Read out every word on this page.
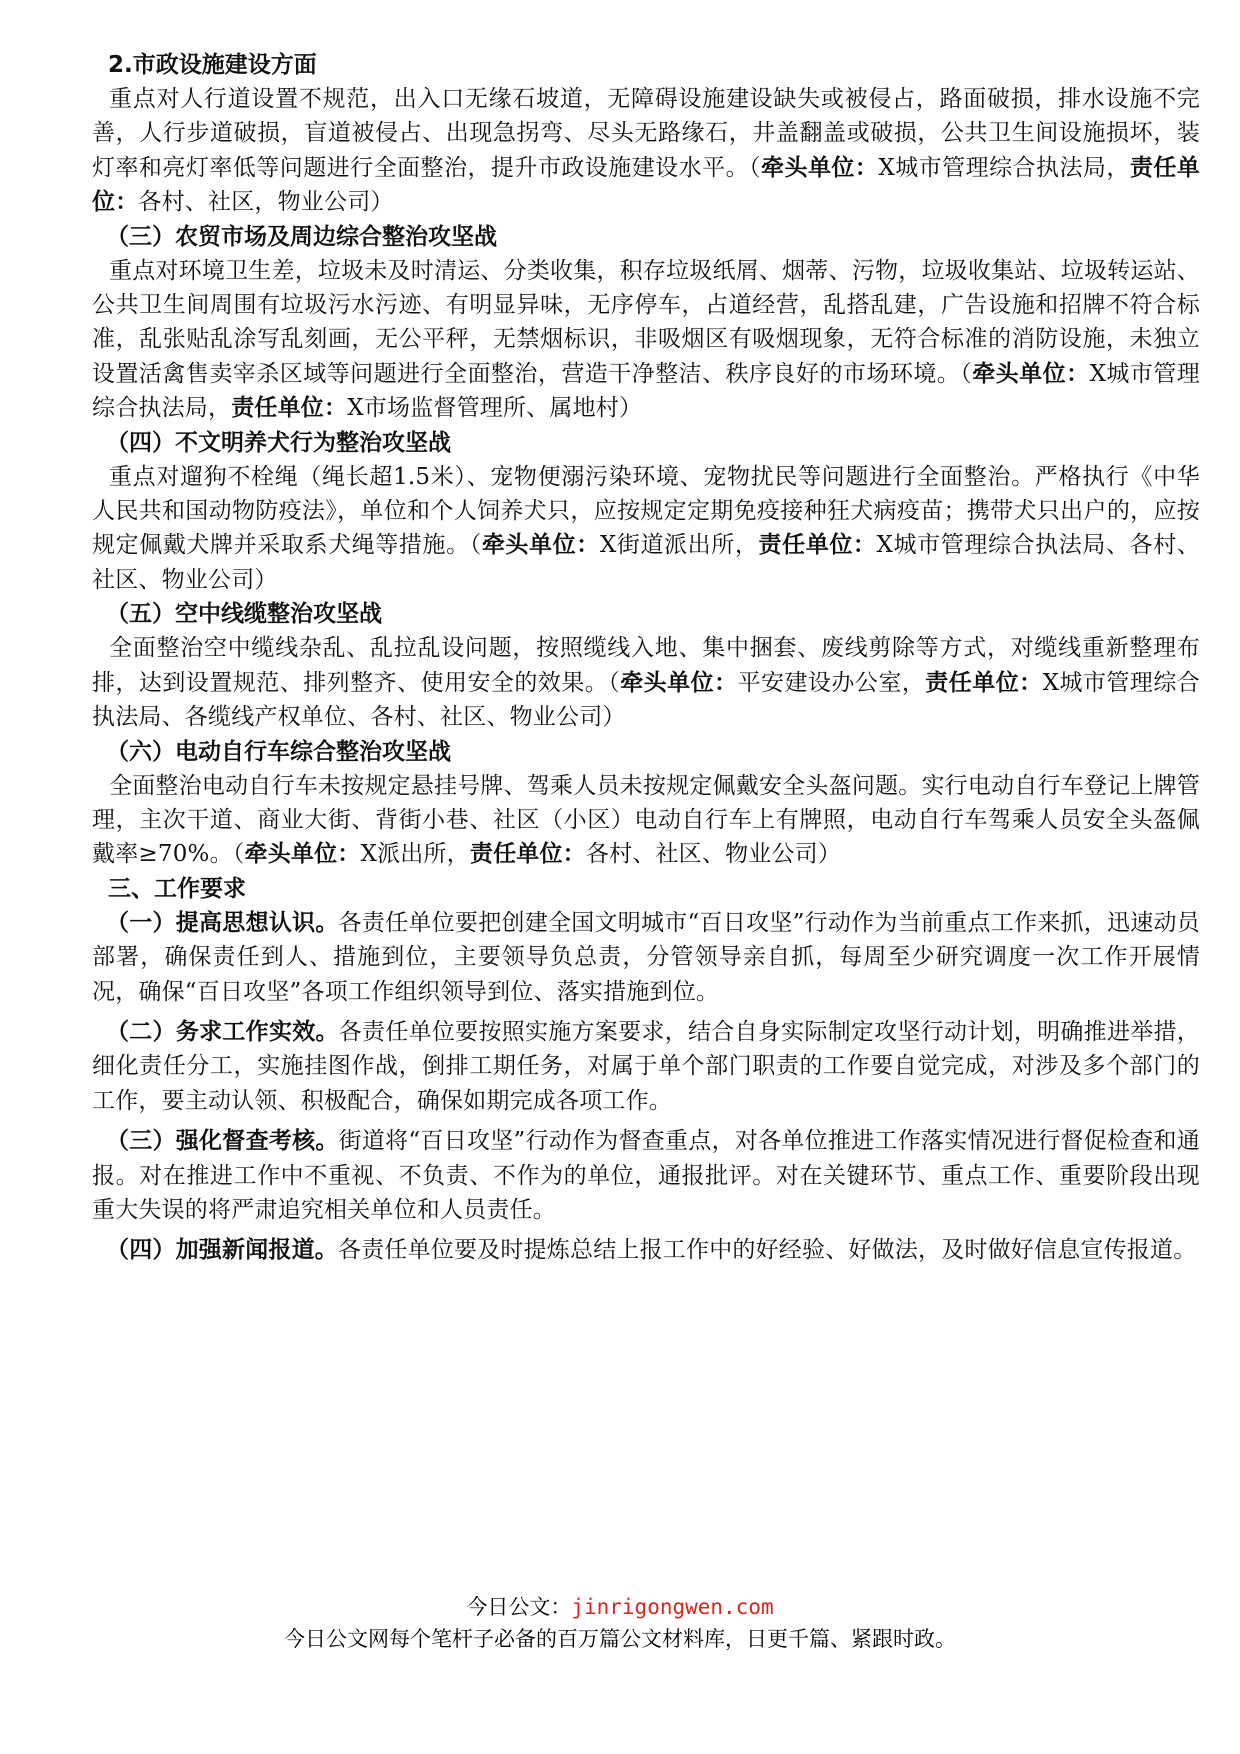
2.市政设施建设方面

重点对人行道设置不规范，出入口无缘石坡道，无障碍设施建设缺失或被侵占，路面破损，排水设施不完善，人行步道破损，盲道被侵占、出现急拐弯、尽头无路缘石，井盖翻盖或破损，公共卫生间设施损坏，装灯率和亮灯率低等问题进行全面整治，提升市政设施建设水平。（牵头单位：X城市管理综合执法局，责任单位：各村、社区，物业公司）

（三）农贸市场及周边综合整治攻坚战

重点对环境卫生差，垃圾未及时清运、分类收集，积存垃圾纸屑、烟蒂、污物，垃圾收集站、垃圾转运站、公共卫生间周围有垃圾污水污迹、有明显异味，无序停车，占道经营，乱搭乱建，广告设施和招牌不符合标准，乱张贴乱涂写乱刻画，无公平秤，无禁烟标识，非吸烟区有吸烟现象，无符合标准的消防设施，未独立设置活禽售卖宰杀区域等问题进行全面整治，营造干净整洁、秩序良好的市场环境。（牵头单位：X城市管理综合执法局，责任单位：X市场监督管理所、属地村）

（四）不文明养犬行为整治攻坚战

重点对遛狗不栓绳（绳长超1.5米）、宠物便溺污染环境、宠物扰民等问题进行全面整治。严格执行《中华人民共和国动物防疫法》，单位和个人饲养犬只，应按规定定期免疫接种狂犬病疫苗；携带犬只出户的，应按规定佩戴犬牌并采取系犬绳等措施。（牵头单位：X街道派出所，责任单位：X城市管理综合执法局、各村、社区、物业公司）

（五）空中线缆整治攻坚战

全面整治空中缆线杂乱、乱拉乱设问题，按照缆线入地、集中捆套、废线剪除等方式，对缆线重新整理布排，达到设置规范、排列整齐、使用安全的效果。（牵头单位：平安建设办公室，责任单位：X城市管理综合执法局、各缆线产权单位、各村、社区、物业公司）

（六）电动自行车综合整治攻坚战

全面整治电动自行车未按规定悬挂号牌、驾乘人员未按规定佩戴安全头盔问题。实行电动自行车登记上牌管理，主次干道、商业大街、背街小巷、社区（小区）电动自行车上有牌照，电动自行车驾乘人员安全头盔佩戴率≥70%。（牵头单位：X派出所，责任单位：各村、社区、物业公司）

三、工作要求

（一）提高思想认识。各责任单位要把创建全国文明城市“百日攻坚”行动作为当前重点工作来抓，迅速动员部署，确保责任到人、措施到位，主要领导负总责，分管领导亲自抓，每周至少研究调度一次工作开展情况，确保“百日攻坚”各项工作组织领导到位、落实措施到位。

（二）务求工作实效。各责任单位要按照实施方案要求，结合自身实际制定攻坚行动计划，明确推进举措，细化责任分工，实施挂图作战，倒排工期任务，对属于单个部门职责的工作要自觉完成，对涉及多个部门的工作，要主动认领、积极配合，确保如期完成各项工作。

（三）强化督查考核。街道将“百日攻坚”行动作为督查重点，对各单位推进工作落实情况进行督促检查和通报。对在推进工作中不重视、不负责、不作为的单位，通报批评。对在关键环节、重点工作、重要阶段出现重大失误的将严肃追究相关单位和人员责任。

（四）加强新闻报道。各责任单位要及时提炼总结上报工作中的好经验、好做法，及时做好信息宣传报道。

今日公文：jinrigongwen.com
今日公文网每个笔杆子必备的百万篇公文材料库，日更千篇、紧跟时政。
